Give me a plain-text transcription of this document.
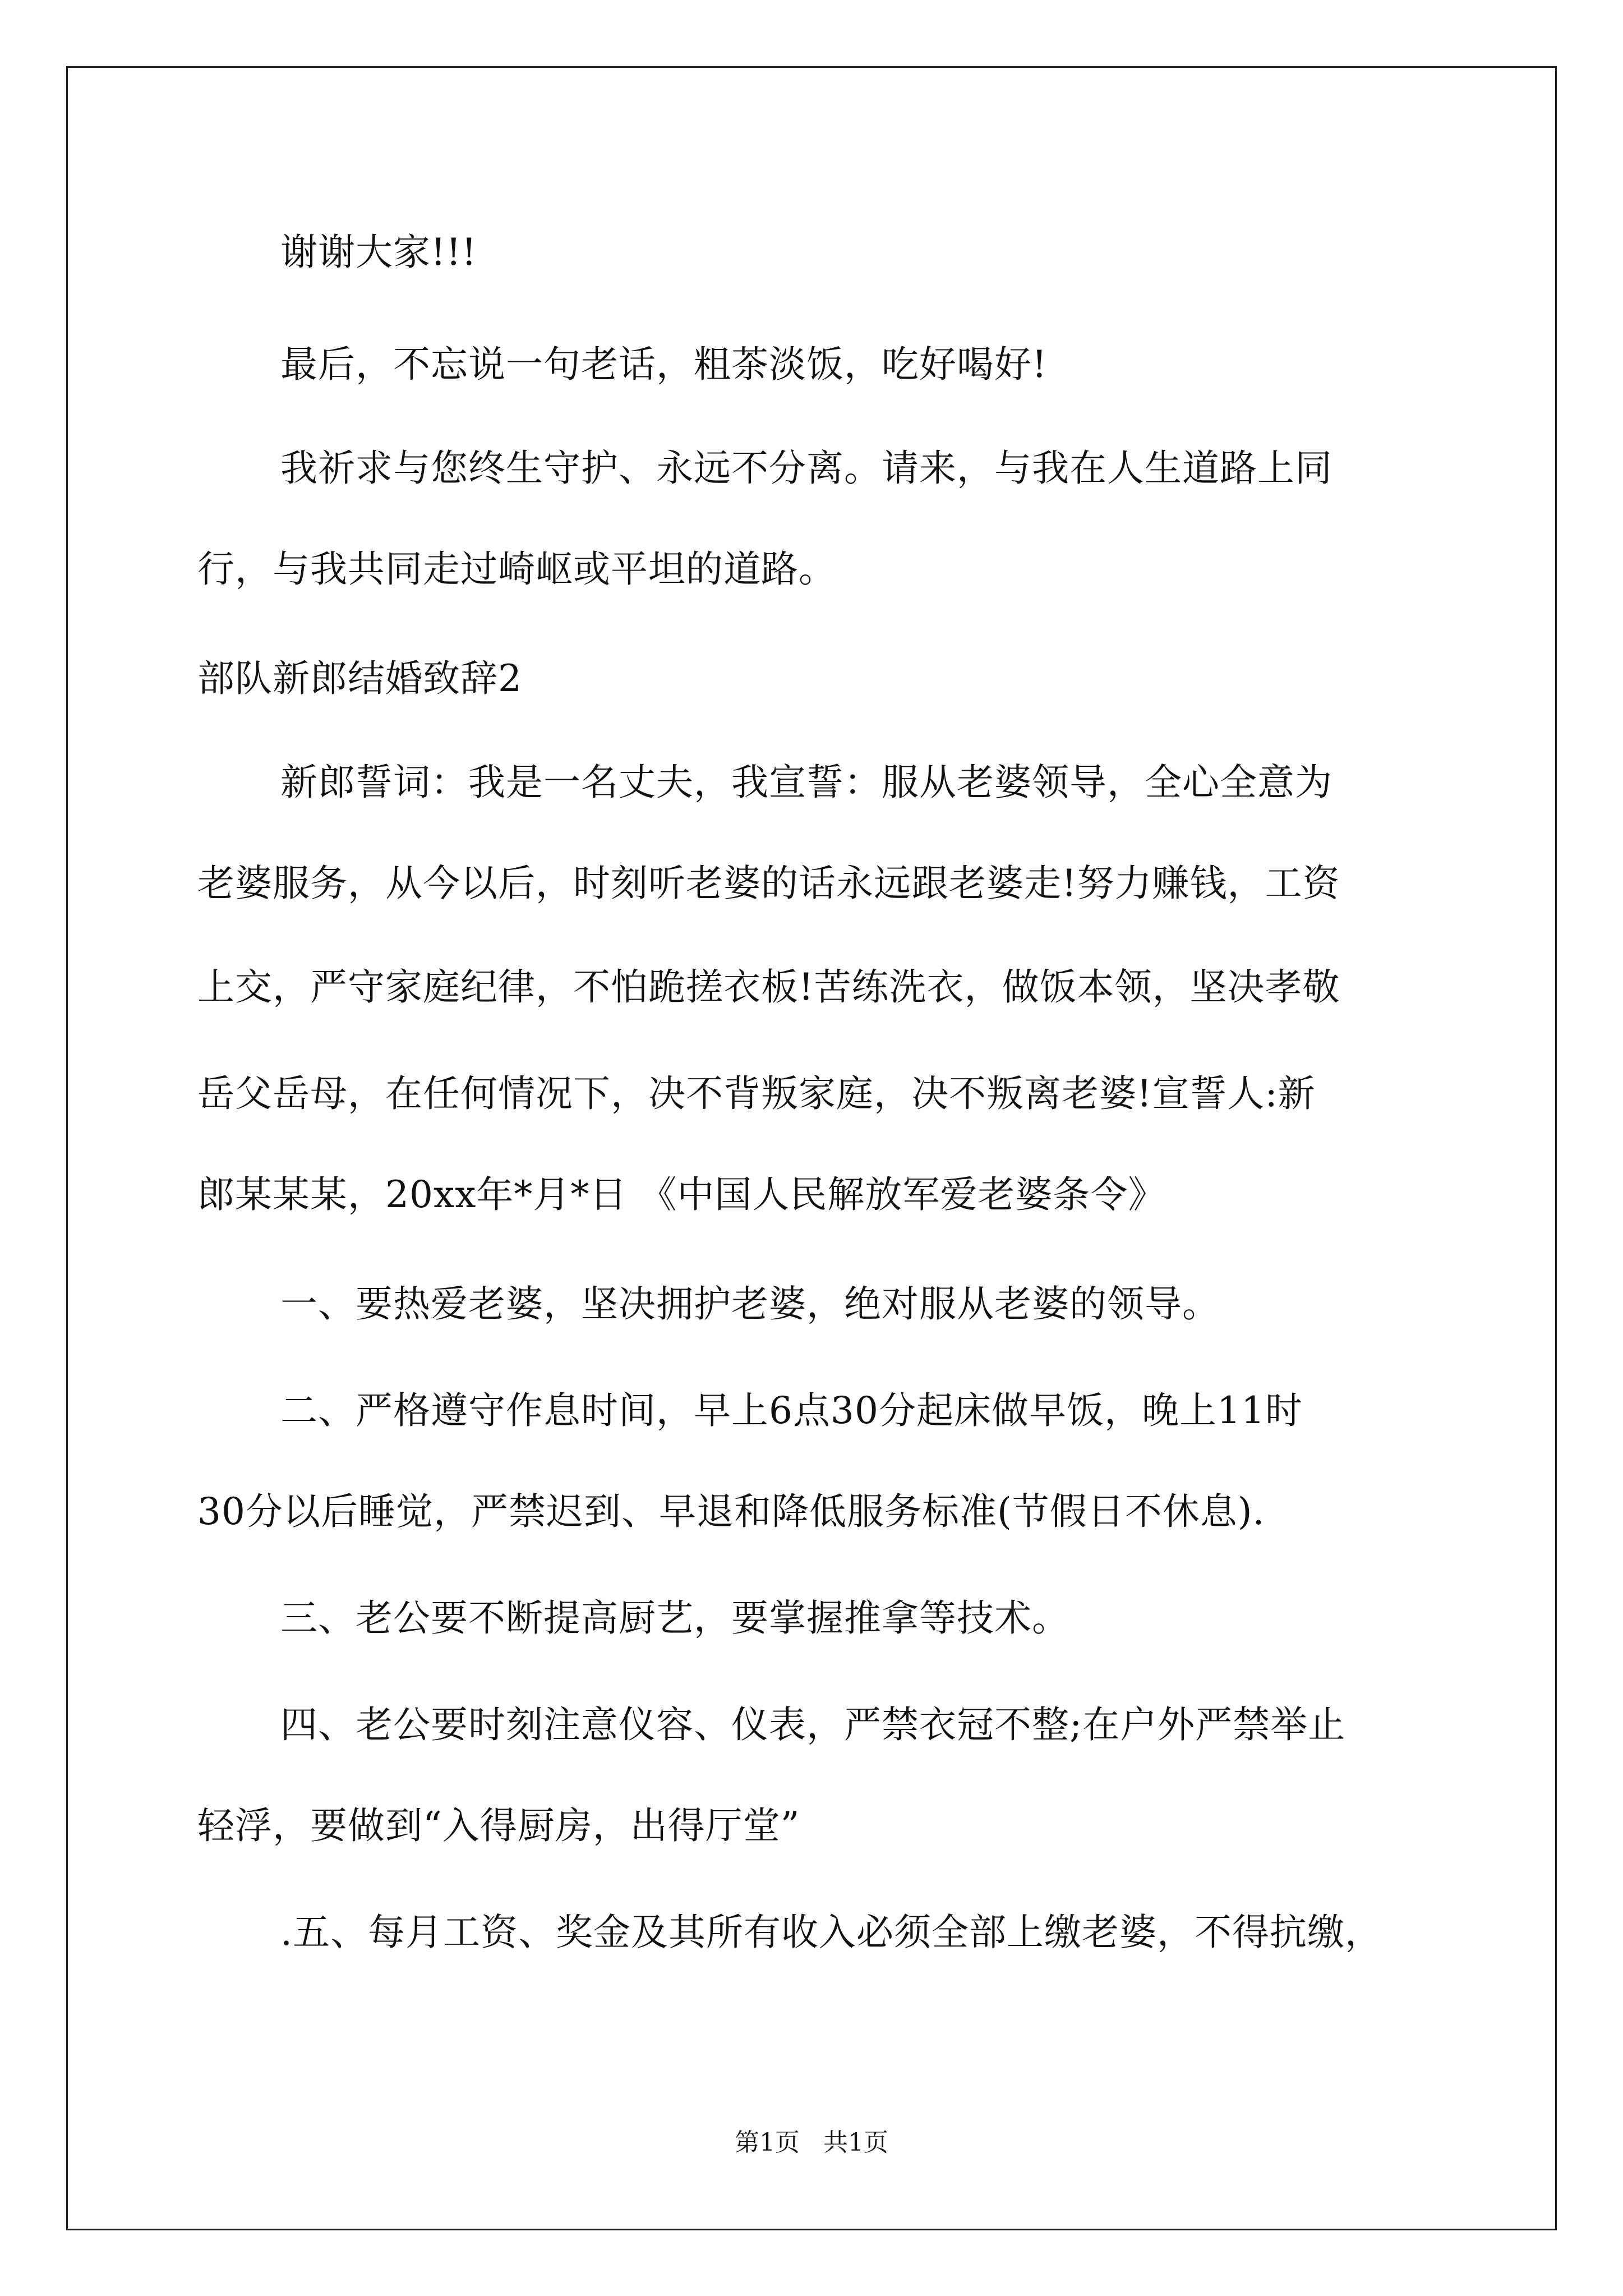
谢谢大家!!!
最后，不忘说一句老话，粗茶淡饭，吃好喝好!
我祈求与您终生守护、永远不分离。请来，与我在人生道路上同
行，与我共同走过崎岖或平坦的道路。
部队新郎结婚致辞2
新郎誓词：我是一名丈夫，我宣誓：服从老婆领导，全心全意为
老婆服务，从今以后，时刻听老婆的话永远跟老婆走!努力赚钱，工资
上交，严守家庭纪律，不怕跪搓衣板!苦练洗衣，做饭本领，坚决孝敬
岳父岳母，在任何情况下，决不背叛家庭，决不叛离老婆!宣誓人:新
郎某某某，20xx年*月*日 《中国人民解放军爱老婆条令》
一、要热爱老婆，坚决拥护老婆，绝对服从老婆的领导。
二、严格遵守作息时间，早上6点30分起床做早饭，晚上11时
30分以后睡觉，严禁迟到、早退和降低服务标准(节假日不休息).
三、老公要不断提高厨艺，要掌握推拿等技术。
四、老公要时刻注意仪容、仪表，严禁衣冠不整;在户外严禁举止
轻浮，要做到“入得厨房，出得厅堂”
.五、每月工资、奖金及其所有收入必须全部上缴老婆，不得抗缴，
第1页   共1页
